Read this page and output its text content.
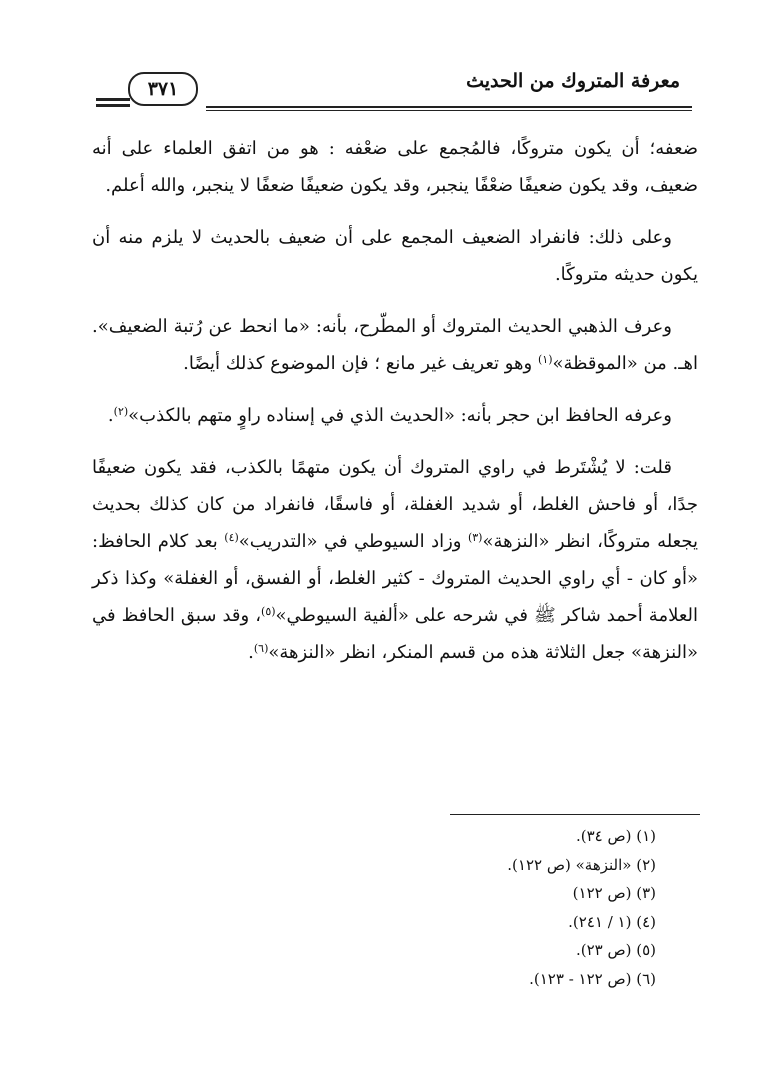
معرفة المتروك من الحديث
٣٧١

ضعفه؛ أن يكون متروكًا، فالمُجمع على ضعْفه : هو من اتفق العلماء على أنه ضعيف، وقد يكون ضعيفًا ضعْفًا ينجبر، وقد يكون ضعيفًا ضعفًا لا ينجبر، والله أعلم.

وعلى ذلك: فانفراد الضعيف المجمع على أن ضعيف بالحديث لا يلزم منه أن يكون حديثه متروكًا.

وعرف الذهبي الحديث المتروك أو المطّرح، بأنه: «ما انحط عن رُتبة الضعيف». اهـ. من «الموقظة»$^{(١)}$ وهو تعريف غير مانع ؛ فإن الموضوع كذلك أيضًا.

وعرفه الحافظ ابن حجر بأنه: «الحديث الذي في إسناده راوٍ متهم بالكذب»$^{(٢)}$.

قلت: لا يُشْتَرط في راوي المتروك أن يكون متهمًا بالكذب، فقد يكون ضعيفًا جدًا، أو فاحش الغلط، أو شديد الغفلة، أو فاسقًا، فانفراد من كان كذلك بحديث يجعله متروكًا، انظر «النزهة»$^{(٣)}$ وزاد السيوطي في «التدريب»$^{(٤)}$ بعد كلام الحافظ: «أو كان - أي راوي الحديث المتروك - كثير الغلط، أو الفسق، أو الغفلة» وكذا ذكر العلامة أحمد شاكر ﷺ في شرحه على «ألفية السيوطي»$^{(٥)}$، وقد سبق الحافظ في «النزهة» جعل الثلاثة هذه من قسم المنكر، انظر «النزهة»$^{(٦)}$.

(١) (ص ٣٤).
(٢) «النزهة» (ص ١٢٢).
(٣) (ص ١٢٢)
(٤) (١ / ٢٤١).
(٥) (ص ٢٣).
(٦) (ص ١٢٢ - ١٢٣).
